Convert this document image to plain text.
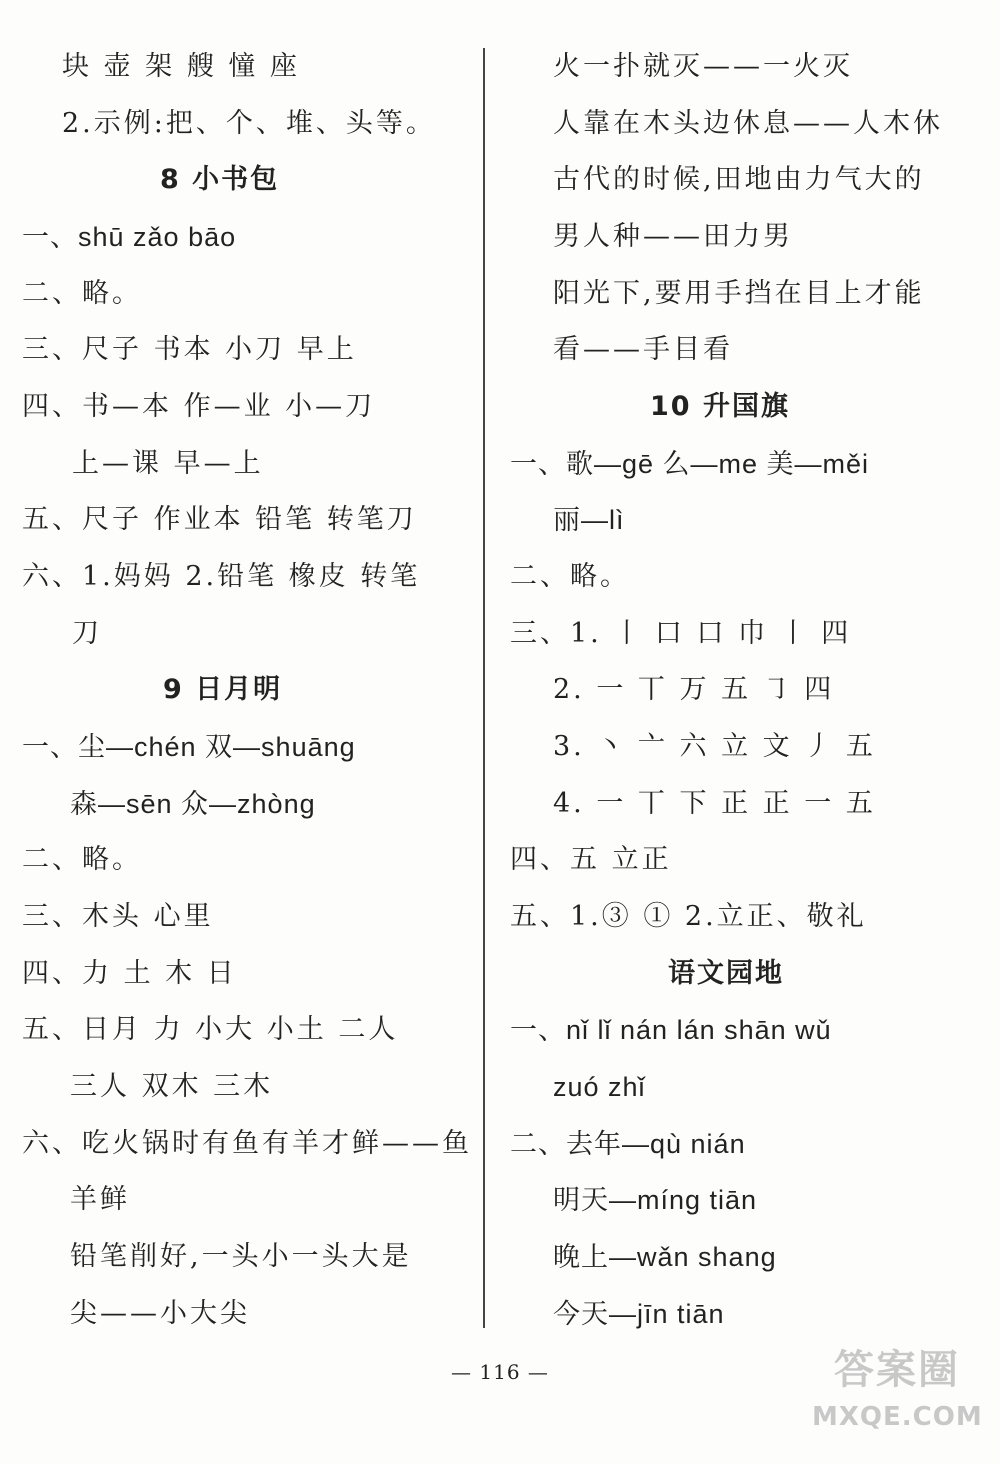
块 壶 架 艘 憧 座
2.示例:把、个、堆、头等。
8 小书包
一、shū zǎo bāo
二、略。
三、尺子 书本 小刀 早上
四、书—本 作—业 小—刀
上—课 早—上
五、尺子 作业本 铅笔 转笔刀
六、1.妈妈 2.铅笔 橡皮 转笔
刀
9 日月明
一、尘—chén 双—shuāng
森—sēn 众—zhòng
二、略。
三、木头 心里
四、力 土 木 日
五、日月 力 小大 小土 二人
三人 双木 三木
六、吃火锅时有鱼有羊才鲜——鱼
羊鲜
铅笔削好,一头小一头大是
尖——小大尖
火一扑就灭——一火灭
人靠在木头边休息——人木休
古代的时候,田地由力气大的
男人种——田力男
阳光下,要用手挡在目上才能
看——手目看
10 升国旗
一、歌—gē 么—me 美—měi
丽—lì
二、略。
三、1. 丨 口 口 巾 丨 四
2. 一 丅 万 五 ㇆ 四
3. 丶 亠 六 立 文 丿 五
4. 一 丅 下 正 正 一 五
四、五 立正
五、1.③ ① 2.立正、敬礼
语文园地
一、nǐ lǐ nán lán shān wǔ
zuó zhǐ
二、去年—qù nián
明天—míng tiān
晚上—wǎn shang
今天—jīn tiān
— 116 —	答案圈
MXQE.COM
